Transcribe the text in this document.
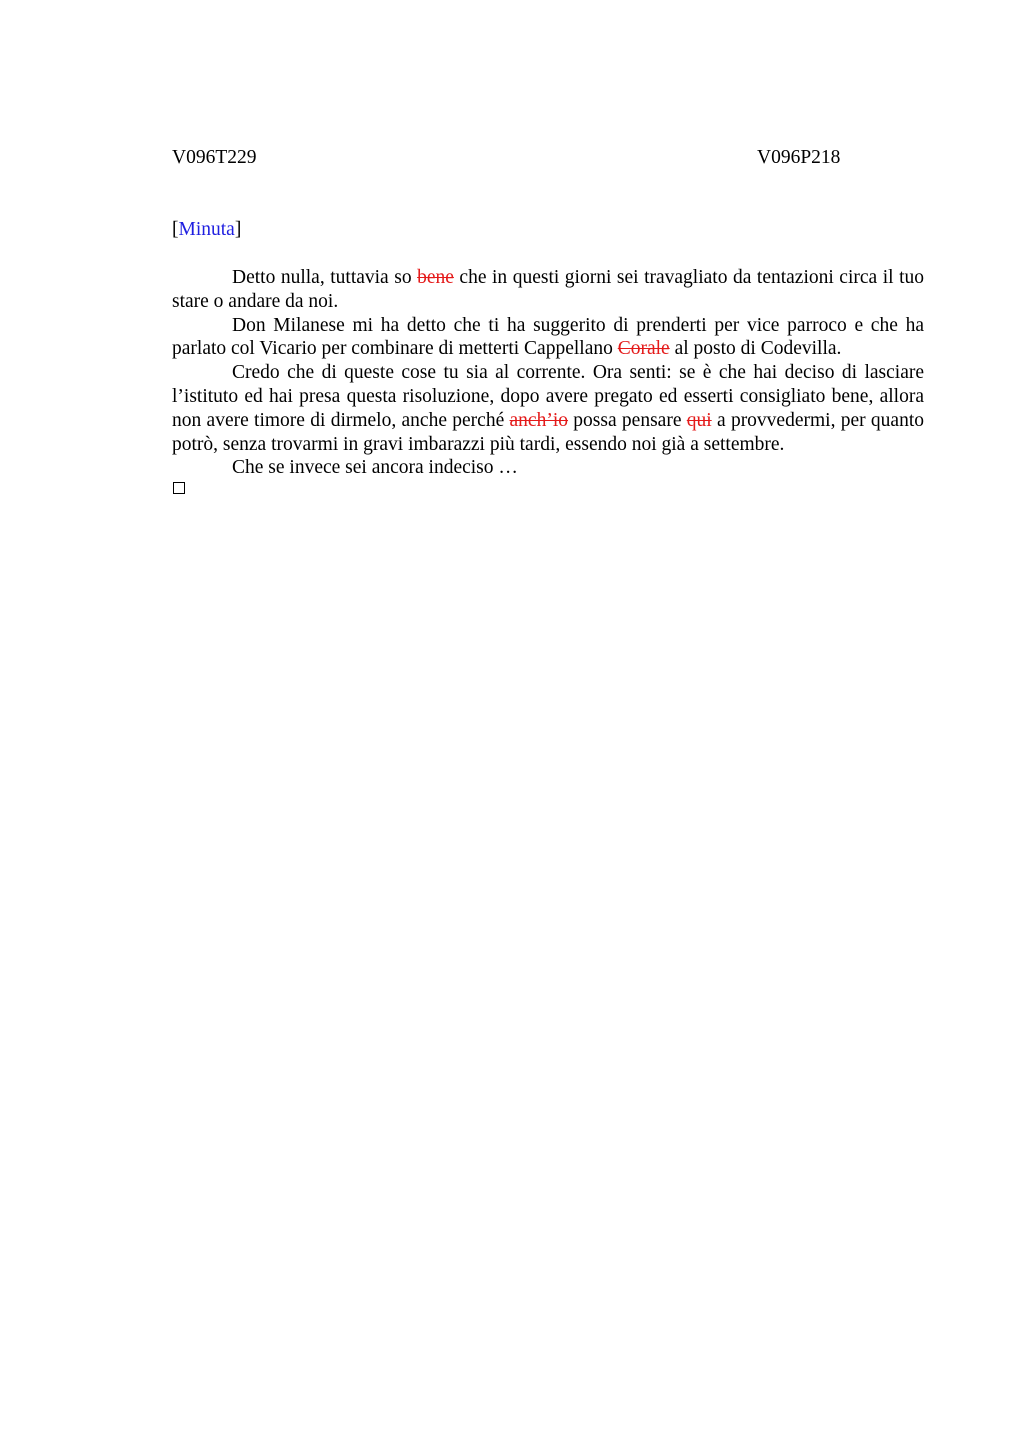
V096T229	V096P218
[Minuta]

Detto nulla, tuttavia so bene che in questi giorni sei travagliato da tentazioni circa il tuo stare o andare da noi.

Don Milanese mi ha detto che ti ha suggerito di prenderti per vice parroco e che ha parlato col Vicario per combinare di metterti Cappellano Corale al posto di Codevilla.

Credo che di queste cose tu sia al corrente. Ora senti: se è che hai deciso di lasciare l’istituto ed hai presa questa risoluzione, dopo avere pregato ed esserti consigliato bene, allora non avere timore di dirmelo, anche perché anch’io possa pensare qui a provvedermi, per quanto potrò, senza trovarmi in gravi imbarazzi più tardi, essendo noi già a settembre.

Che se invece sei ancora indeciso …
